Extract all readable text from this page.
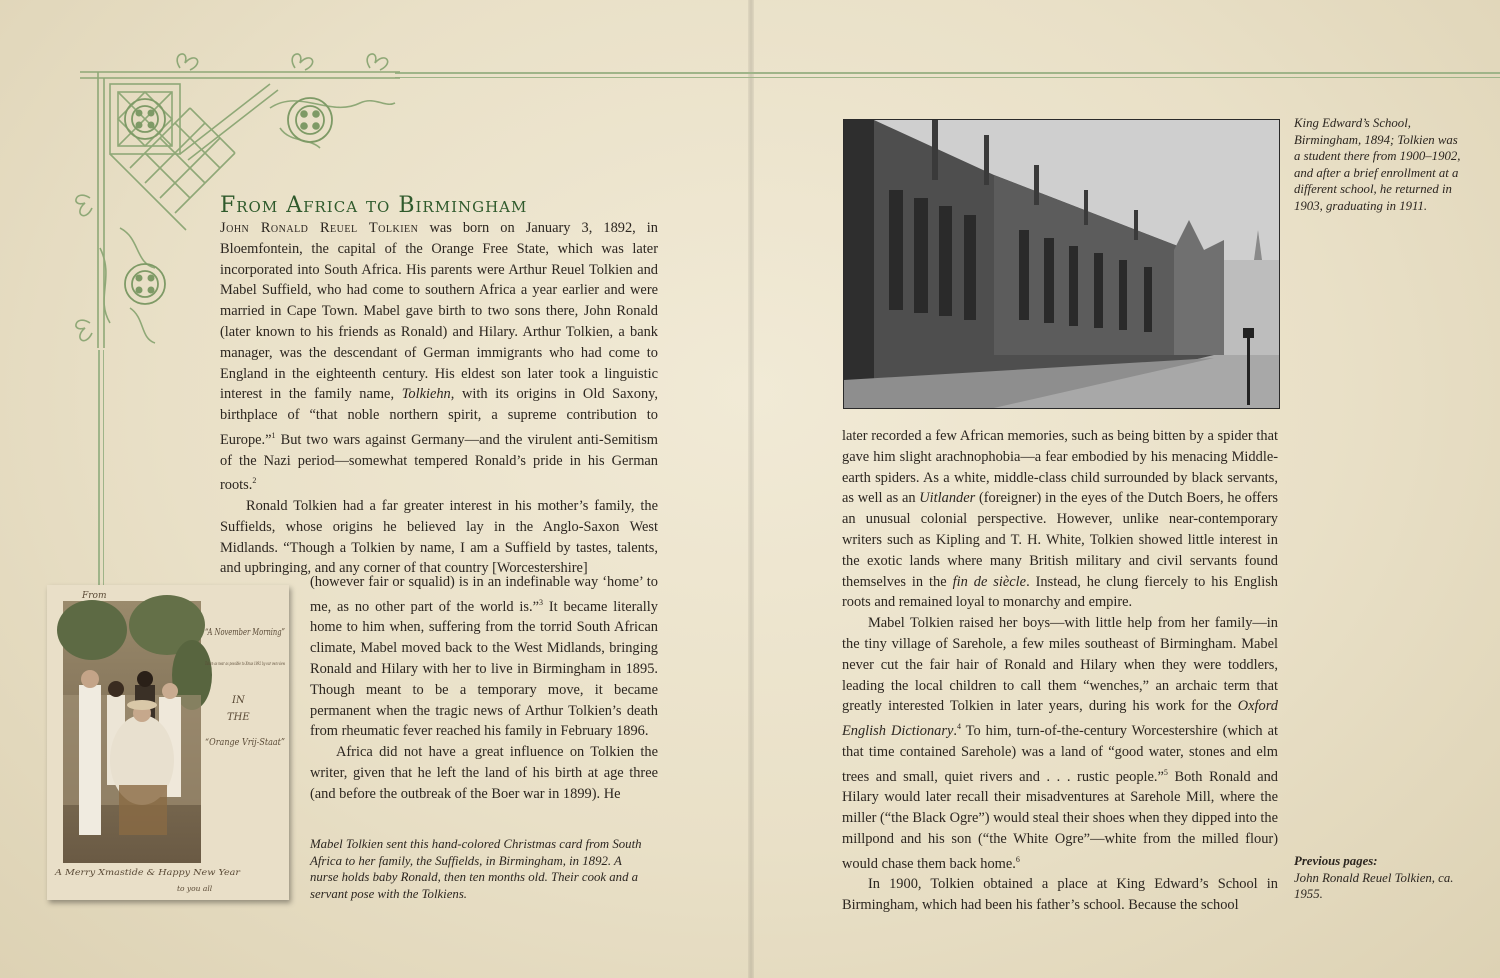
From Africa to Birmingham

John Ronald Reuel Tolkien was born on January 3, 1892, in Bloemfontein, the capital of the Orange Free State, which was later incorporated into South Africa. His parents were Arthur Reuel Tolkien and Mabel Suffield, who had come to southern Africa a year earlier and were married in Cape Town. Mabel gave birth to two sons there, John Ronald (later known to his friends as Ronald) and Hilary. Arthur Tolkien, a bank manager, was the descendant of German immigrants who had come to England in the eighteenth century. His eldest son later took a linguistic interest in the family name, Tolkiehn, with its origins in Old Saxony, birthplace of “that noble northern spirit, a supreme contribution to Europe.”$^1$ But two wars against Germany—and the virulent anti-Semitism of the Nazi period—somewhat tempered Ronald’s pride in his German roots.$^2$

Ronald Tolkien had a far greater interest in his mother’s family, the Suffields, whose origins he believed lay in the Anglo-Saxon West Midlands. “Though a Tolkien by name, I am a Suffield by tastes, talents, and upbringing, and any corner of that country [Worcestershire]

(however fair or squalid) is in an indefinable way ‘home’ to me, as no other part of the world is.”$^3$ It became literally home to him when, suffering from the torrid South African climate, Mabel moved back to the West Midlands, bringing Ronald and Hilary with her to live in Birmingham in 1895. Though meant to be a temporary move, it became permanent when the tragic news of Arthur Tolkien’s death from rheumatic fever reached his family in February 1896.

Africa did not have a great influence on Tolkien the writer, given that he left the land of his birth at age three (and before the outbreak of the Boer war in 1899). He

From
“A November Morning”
Taken as near as possible to Xmas 1892 by our own view
IN
THE
“Orange Vrij-Staat”
A Merry Xmastide & Happy New Year
to you all
Mabel Tolkien sent this hand-colored Christmas card from South Africa to her family, the Suffields, in Birmingham, in 1892. A nurse holds baby Ronald, then ten months old. Their cook and a servant pose with the Tolkiens.
King Edward’s School, Birmingham, 1894; Tolkien was a student there from 1900–1902, and after a brief enrollment at a different school, he returned in 1903, graduating in 1911.

later recorded a few African memories, such as being bitten by a spider that gave him slight arachnophobia—a fear embodied by his menacing Middle-earth spiders. As a white, middle-class child surrounded by black servants, as well as an Uitlander (foreigner) in the eyes of the Dutch Boers, he offers an unusual colonial perspective. However, unlike near-contemporary writers such as Kipling and T. H. White, Tolkien showed little interest in the exotic lands where many British military and civil servants found themselves in the fin de siècle. Instead, he clung fiercely to his English roots and remained loyal to monarchy and empire.

Mabel Tolkien raised her boys—with little help from her family—in the tiny village of Sarehole, a few miles southeast of Birmingham. Mabel never cut the fair hair of Ronald and Hilary when they were toddlers, leading the local children to call them “wenches,” an archaic term that greatly interested Tolkien in later years, during his work for the Oxford English Dictionary.$^4$ To him, turn-of-the-century Worcestershire (which at that time contained Sarehole) was a land of “good water, stones and elm trees and small, quiet rivers and . . . rustic people.”$^5$ Both Ronald and Hilary would later recall their misadventures at Sarehole Mill, where the miller (“the Black Ogre”) would steal their shoes when they dipped into the millpond and his son (“the White Ogre”—white from the milled flour) would chase them back home.$^6$

In 1900, Tolkien obtained a place at King Edward’s School in Birmingham, which had been his father’s school. Because the school

Previous pages:
John Ronald Reuel Tolkien, ca. 1955.
